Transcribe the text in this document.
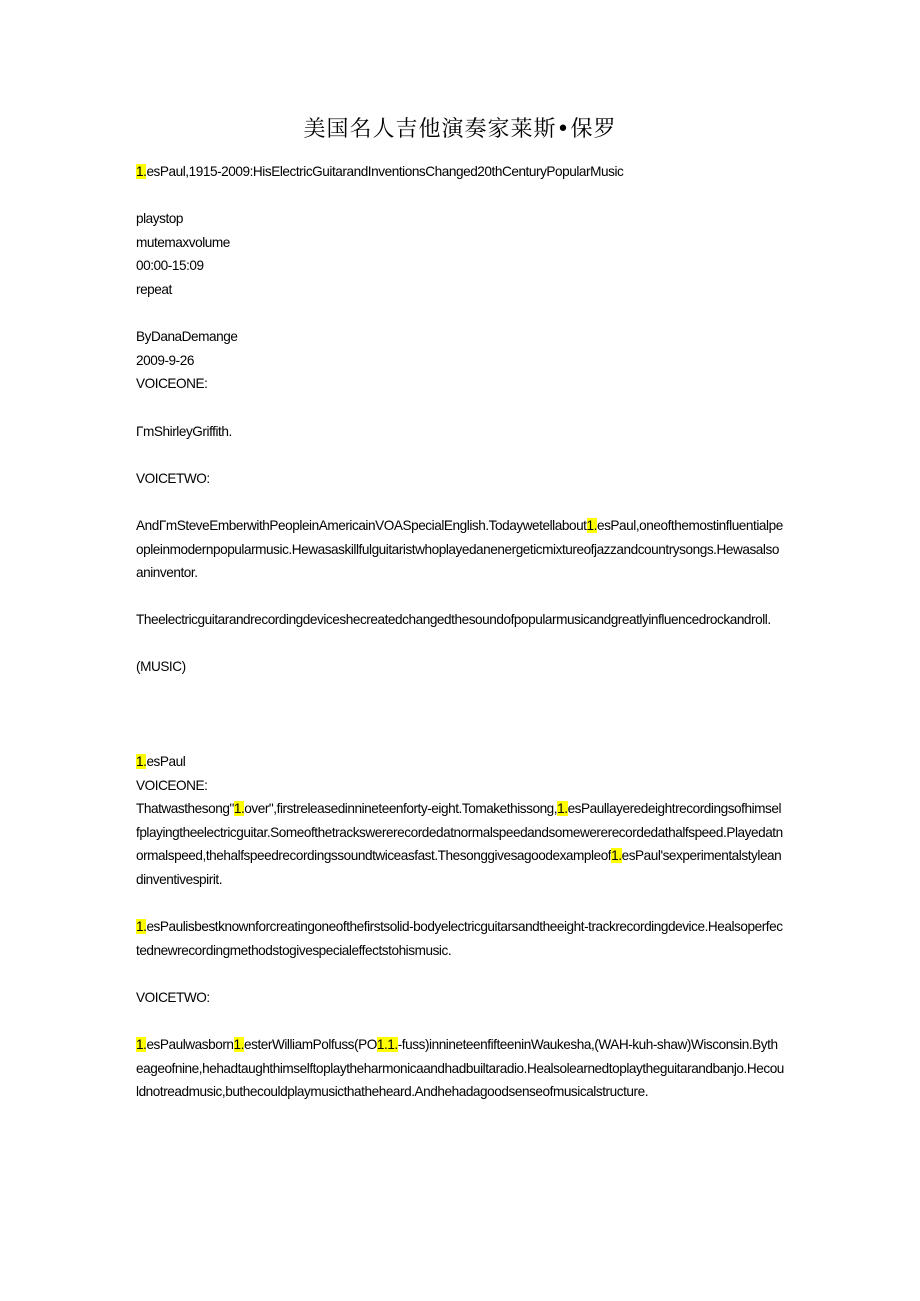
美国名人吉他演奏家莱斯•保罗

1.esPaul,1915-2009:HisElectricGuitarandInventionsChanged20thCenturyPopularMusic

playstop

mutemaxvolume

00:00-15:09

repeat

ByDanaDemange

2009-9-26

VOICEONE:

ΓmShirleyGriffith.

VOICETWO:

AndΓmSteveEmberwithPeopleinAmericainVOASpecialEnglish.Todaywetellabout1.esPaul,oneofthemostinfluentialpeopleinmodernpopularmusic.Hewasaskillfulguitaristwhoplayedanenergeticmixtureofjazzandcountrysongs.Hewasalsoaninventor.

Theelectricguitarandrecordingdeviceshecreatedchangedthesoundofpopularmusicandgreatlyinfluencedrockandroll.

(MUSIC)

1.esPaul

VOICEONE:

Thatwasthesong"1.over",firstreleasedinnineteenforty-eight.Tomakethissong,1.esPaullayeredeightrecordingsofhimselfplayingtheelectricguitar.Someofthetrackswererecordedatnormalspeedandsomewererecordedathalfspeed.Playedatnormalspeed,thehalfspeedrecordingssoundtwiceasfast.Thesonggivesagoodexampleof1.esPaul'sexperimentalstyleandinventivespirit.

1.esPaulisbestknownforcreatingoneofthefirstsolid-bodyelectricguitarsandtheeight-trackrecordingdevice.Healsoperfectednewrecordingmethodstogivespecialeffectstohismusic.

VOICETWO:

1.esPaulwasborn1.esterWilliamPolfuss(PO1.1.-fuss)innineteenfifteeninWaukesha,(WAH-kuh-shaw)Wisconsin.Bytheageofnine,hehadtaughthimselftoplaytheharmonicaandhadbuiltaradio.Healsolearnedtoplaytheguitarandbanjo.Hecouldnotreadmusic,buthecouldplaymusicthatheheard.Andhehadagoodsenseofmusicalstructure.
